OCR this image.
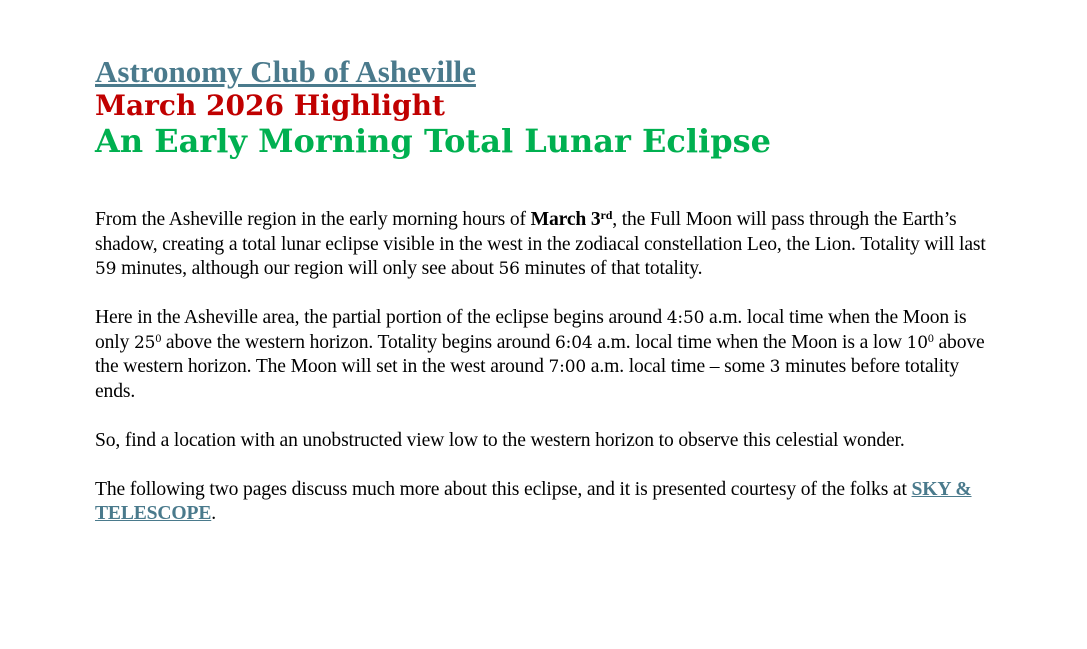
Astronomy Club of Asheville
March 2026 Highlight
An Early Morning Total Lunar Eclipse

From the Asheville region in the early morning hours of March 3rd, the Full Moon will pass through the Earth’s shadow, creating a total lunar eclipse visible in the west in the zodiacal constellation Leo, the Lion. Totality will last 59 minutes, although our region will only see about 56 minutes of that totality.

Here in the Asheville area, the partial portion of the eclipse begins around 4:50 a.m. local time when the Moon is only $25^0$ above the western horizon. Totality begins around 6:04 a.m. local time when the Moon is a low $10^0$ above the western horizon. The Moon will set in the west around 7:00 a.m. local time – some 3 minutes before totality ends.

So, find a location with an unobstructed view low to the western horizon to observe this celestial wonder.

The following two pages discuss much more about this eclipse, and it is presented courtesy of the folks at SKY & TELESCOPE.
